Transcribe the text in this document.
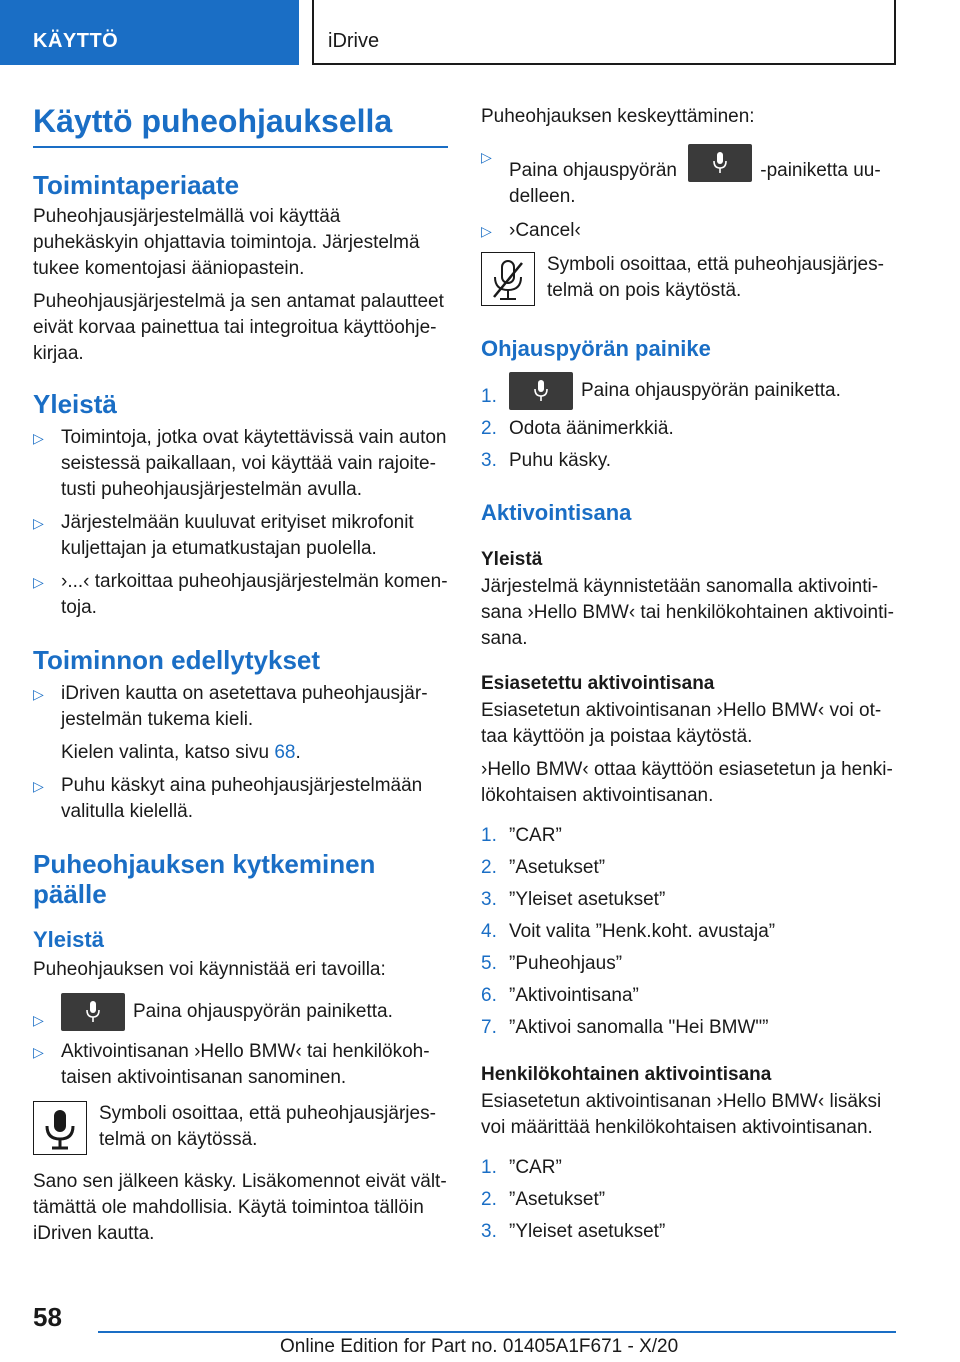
KÄYTTÖ	iDrive
Käyttö puheohjauksella
Toimintaperiaate

Puheohjausjärjestelmällä voi käyttää puhekäskyin ohjattavia toimintoja. Järjestelmä tukee komentojasi ääniopastein.

Puheohjausjärjestelmä ja sen antamat palautteet eivät korvaa painettua tai integroitua käyttöohjekirjaa.

Yleistä
▷ Toimintoja, jotka ovat käytettävissä vain auton seistessä paikallaan, voi käyttää vain rajoitetusti puheohjausjärjestelmän avulla.
▷ Järjestelmään kuuluvat erityiset mikrofonit kuljettajan ja etumatkustajan puolella.
▷ ›...‹ tarkoittaa puheohjausjärjestelmän komentoja.
Toiminnon edellytykset
▷ iDriven kautta on asetettava puheohjausjärjestelmän tukema kieli.
Kielen valinta, katso sivu 68.
▷ Puhu käskyt aina puheohjausjärjestelmään valitulla kielellä.
Puheohjauksen kytkeminen päälle
Yleistä

Puheohjauksen voi käynnistää eri tavoilla:

▷	Paina ohjauspyörän painiketta.
▷ Aktivointisanan ›Hello BMW‹ tai henkilökohtaisen aktivointisanan sanominen.

Symboli osoittaa, että puheohjausjärjestelmä on käytössä.

Sano sen jälkeen käsky. Lisäkomennot eivät välttämättä ole mahdollisia. Käytä toimintoa tällöin iDriven kautta.

Puheohjauksen keskeyttäminen:

▷
Paina ohjauspyörän	-painiketta uudelleen.
▷ ›Cancel‹

Symboli osoittaa, että puheohjausjärjestelmä on pois käytöstä.

Ohjauspyörän painike
1.	Paina ohjauspyörän painiketta.
2. Odota äänimerkkiä.
3. Puhu käsky.
Aktivointisana
Yleistä

Järjestelmä käynnistetään sanomalla aktivointisana ›Hello BMW‹ tai henkilökohtainen aktivointisana.

Esiasetettu aktivointisana

Esiasetetun aktivointisanan ›Hello BMW‹ voi ottaa käyttöön ja poistaa käytöstä.

›Hello BMW‹ ottaa käyttöön esiasetetun ja henkilökohtaisen aktivointisanan.

1. ”CAR”
2. ”Asetukset”
3. ”Yleiset asetukset”
4. Voit valita ”Henk.koht. avustaja”
5. ”Puheohjaus”
6. ”Aktivointisana”
7. ”Aktivoi sanomalla "Hei BMW"”
Henkilökohtainen aktivointisana

Esiasetetun aktivointisanan ›Hello BMW‹ lisäksi voi määrittää henkilökohtaisen aktivointisanan.

1. ”CAR”
2. ”Asetukset”
3. ”Yleiset asetukset”
58
Online Edition for Part no. 01405A1F671 - X/20
